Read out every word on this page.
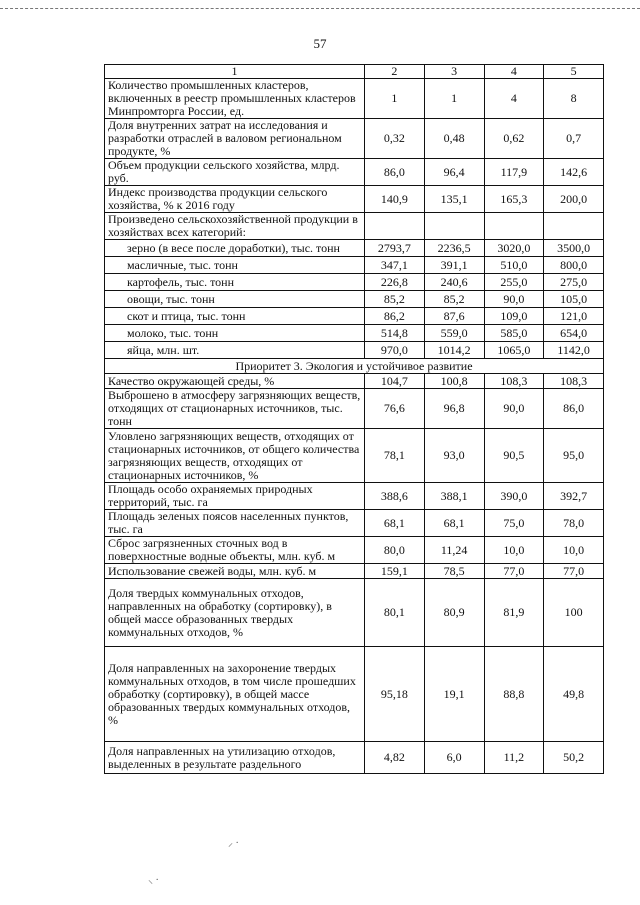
57
1	2	3	4	5
Количество промышленных кластеров, включенных в реестр промышленных кластеров Минпромторга России, ед.	1	1	4	8
Доля внутренних затрат на исследования и разработки отраслей в валовом региональном продукте, %	0,32	0,48	0,62	0,7
Объем продукции сельского хозяйства, млрд. руб.	86,0	96,4	117,9	142,6
Индекс производства продукции сельского хозяйства, % к 2016 году	140,9	135,1	165,3	200,0
Произведено сельскохозяйственной продукции в хозяйствах всех категорий:				
зерно (в весе после доработки), тыс. тонн	2793,7	2236,5	3020,0	3500,0
масличные, тыс. тонн	347,1	391,1	510,0	800,0
картофель, тыс. тонн	226,8	240,6	255,0	275,0
овощи, тыс. тонн	85,2	85,2	90,0	105,0
скот и птица, тыс. тонн	86,2	87,6	109,0	121,0
молоко, тыс. тонн	514,8	559,0	585,0	654,0
яйца, млн. шт.	970,0	1014,2	1065,0	1142,0
Приоритет 3. Экология и устойчивое развитие				
Качество окружающей среды, %	104,7	100,8	108,3	108,3
Выброшено в атмосферу загрязняющих веществ, отходящих от стационарных источников, тыс. тонн	76,6	96,8	90,0	86,0
Уловлено загрязняющих веществ, отходящих от стационарных источников, от общего количества загрязняющих веществ, отходящих от стационарных источников, %	78,1	93,0	90,5	95,0
Площадь особо охраняемых природных территорий, тыс. га	388,6	388,1	390,0	392,7
Площадь зеленых поясов населенных пунктов, тыс. га	68,1	68,1	75,0	78,0
Сброс загрязненных сточных вод в поверхностные водные объекты, млн. куб. м	80,0	11,24	10,0	10,0
Использование свежей воды, млн. куб. м	159,1	78,5	77,0	77,0
Доля твердых коммунальных отходов, направленных на обработку (сортировку), в общей массе образованных твердых коммунальных отходов, %	80,1	80,9	81,9	100
Доля направленных на захоронение твердых коммунальных отходов, в том числе прошедших обработку (сортировку), в общей массе образованных твердых коммунальных отходов, %	95,18	19,1	88,8	49,8
Доля направленных на утилизацию отходов, выделенных в результате раздельного	4,82	6,0	11,2	50,2
⸝ ·
⸜ ·
